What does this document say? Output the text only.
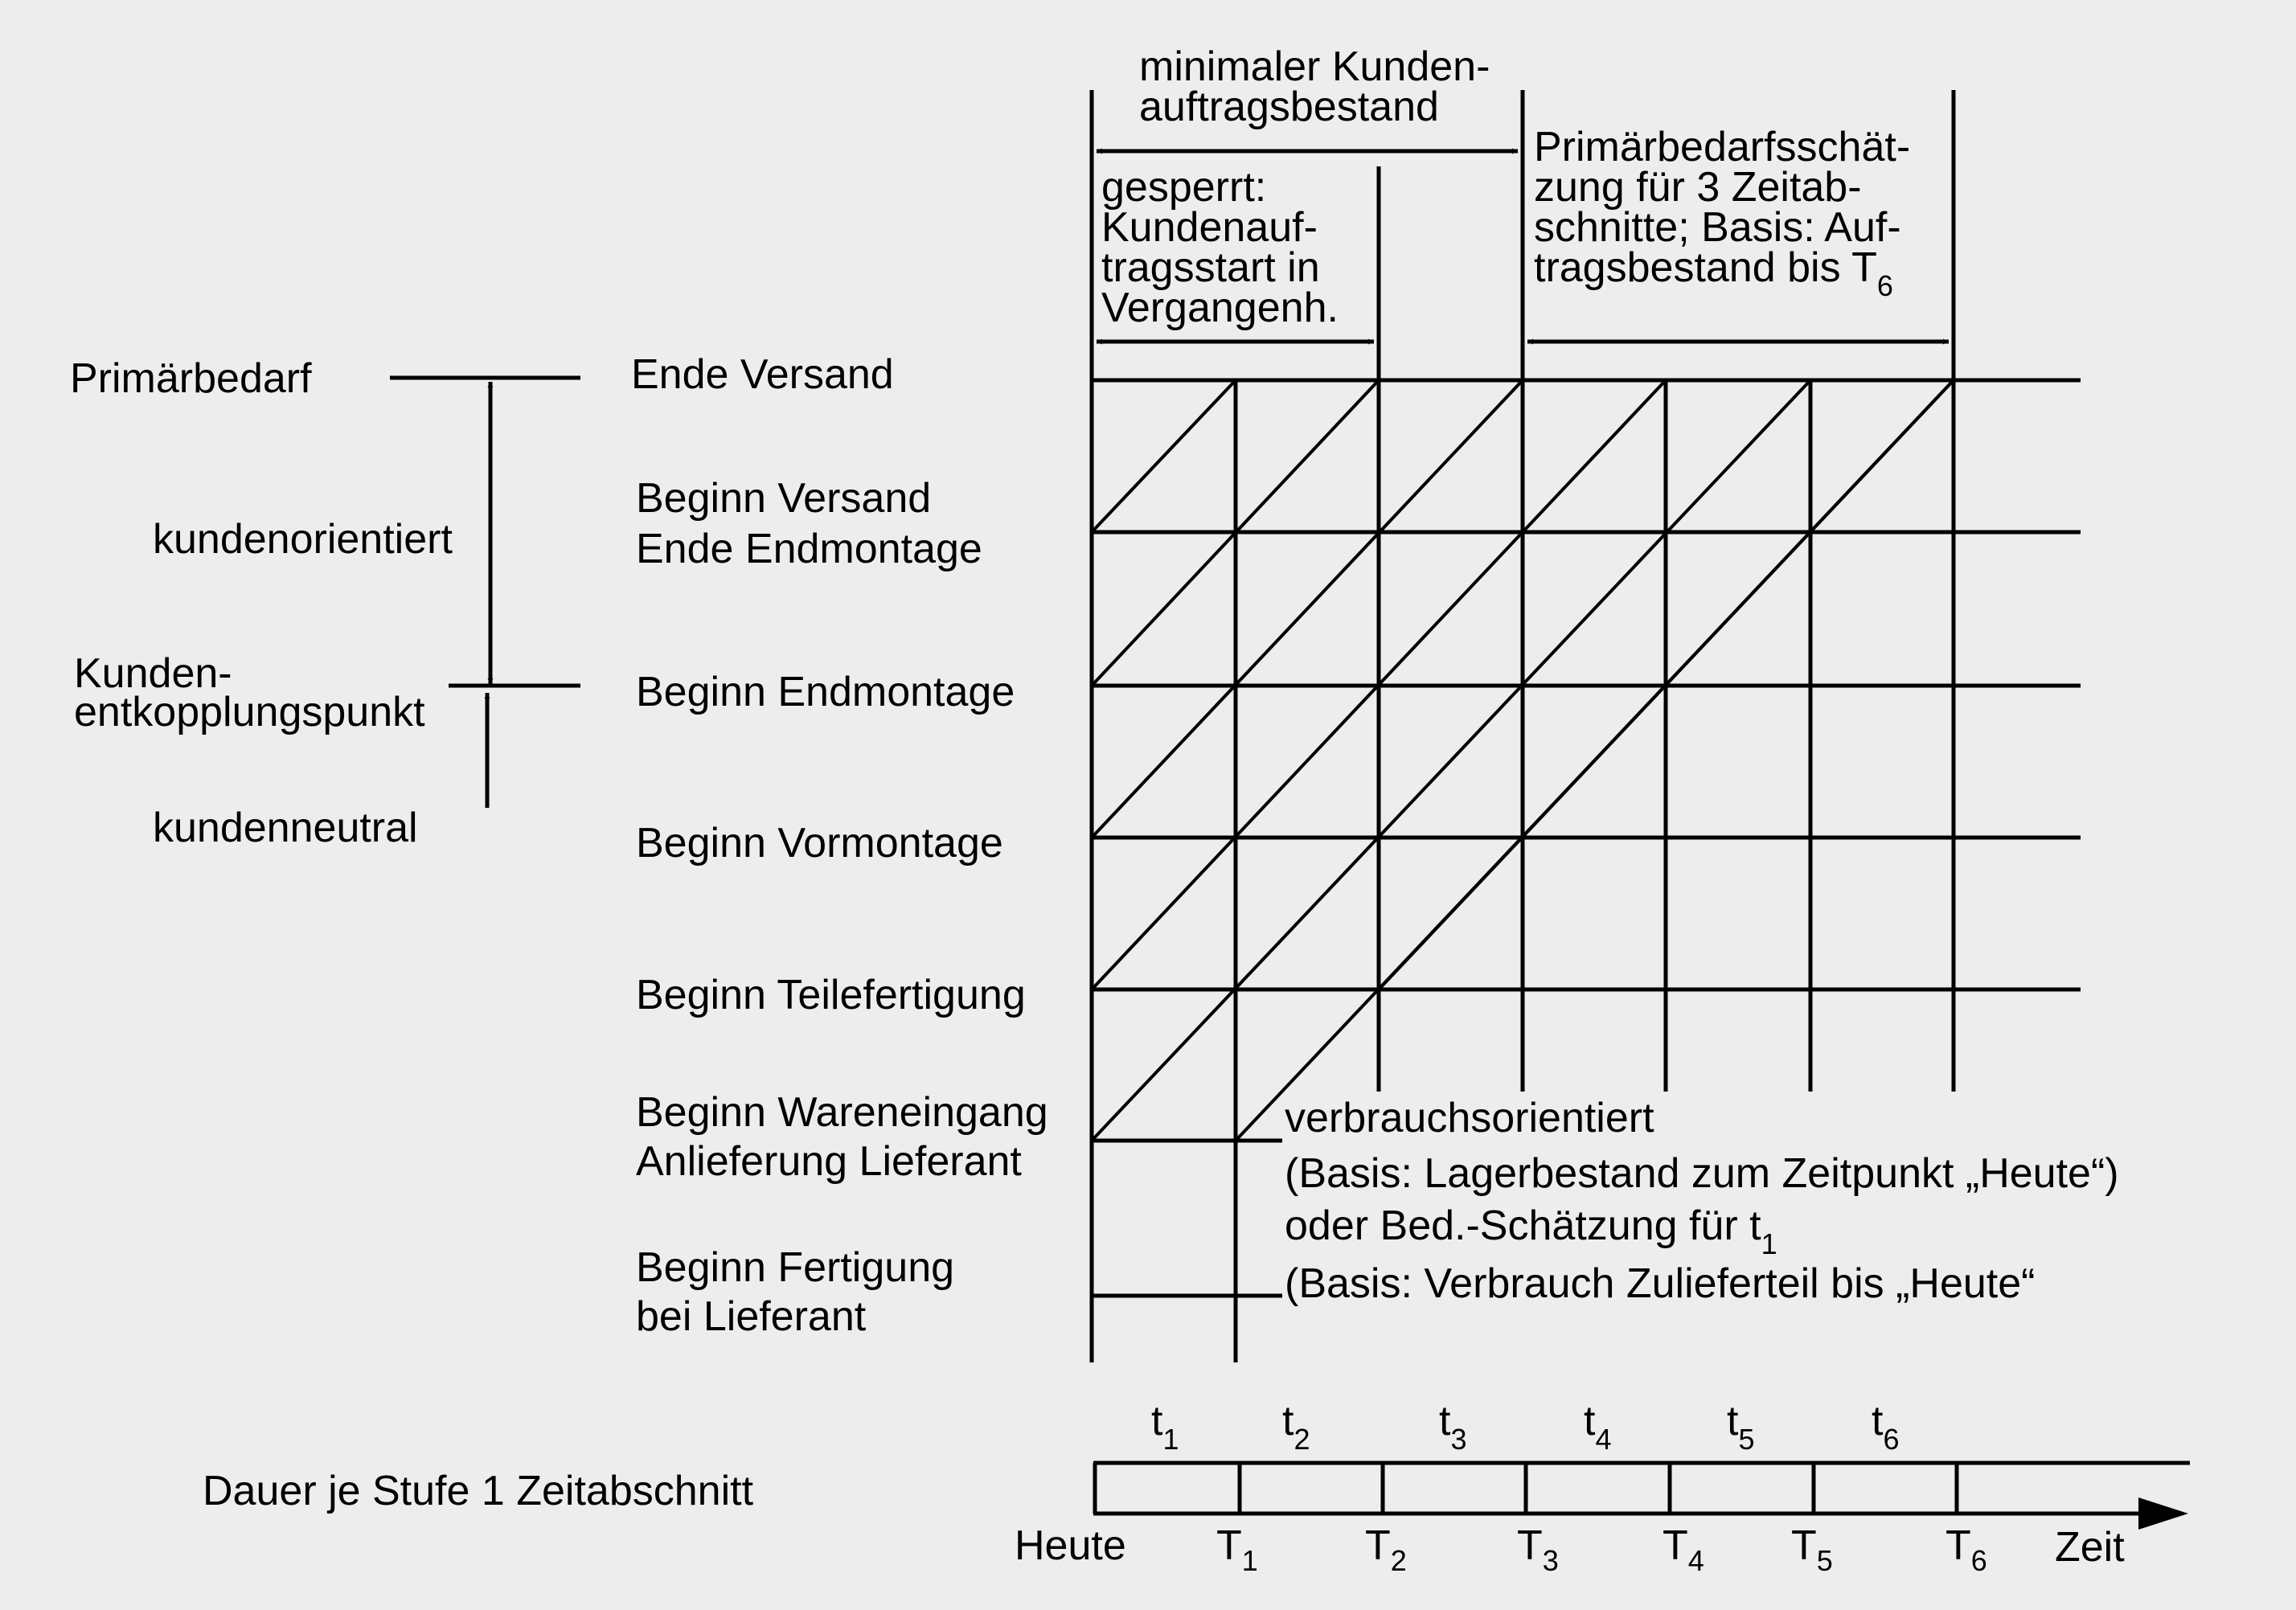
Primärbedarf
kundenorientiert
Kunden-
entkopplungspunkt
kundenneutral
Ende Versand
Beginn Versand
Ende Endmontage
Beginn Endmontage
Beginn Vormontage
Beginn Teilefertigung
Beginn Wareneingang
Anlieferung Lieferant
Beginn Fertigung
bei Lieferant
minimaler Kunden-
auftragsbestand
gesperrt:
Kundenauf-
tragsstart in
Vergangenh.
Primärbedarfsschät-
zung für 3 Zeitab-
schnitte; Basis: Auf-
tragsbestand bis $T_6$
verbrauchsorientiert
(Basis: Lagerbestand zum Zeitpunkt „Heute“)
oder Bed.-Schätzung für $t_1$
(Basis: Verbrauch Zulieferteil bis „Heute“
Dauer je Stufe 1 Zeitabschnitt
$t_1$ $t_2$	$t_3$	$t_4$	$t_5$	$t_6$
Heute $T_1$	$T_2$	$T_3$ $T_4$ $T_5$	$T_6$ Zeit
